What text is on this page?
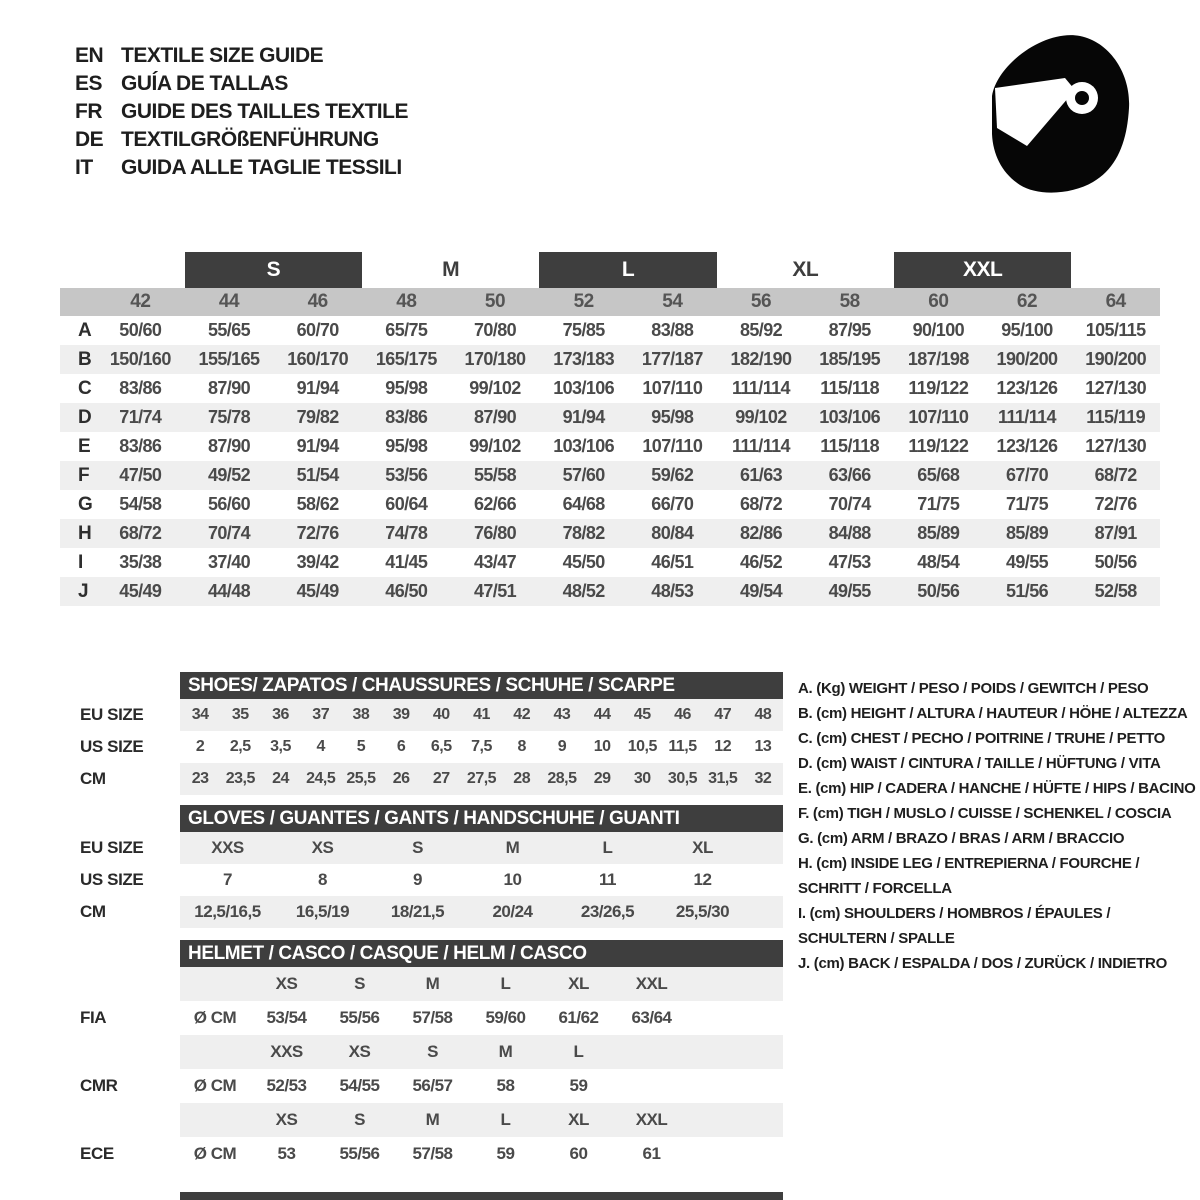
EN TEXTILE SIZE GUIDE
ES GUÍA DE TALLAS
FR GUIDE DES TAILLES TEXTILE
DE TEXTILGRÖßENFÜHRUNG
IT	GUIDA ALLE TAGLIE TESSILI
S	M	L	XL	XXL
42	44	46	48	50	52	54	56	58	60	62	64
A 50/60	55/65	60/70	65/75	70/80	75/85	83/88	85/92	87/95 90/100 95/100 105/115
B 150/160 155/165 160/170 165/175 170/180 173/183 177/187 182/190 185/195 187/198 190/200 190/200
C 83/86	87/90	91/94	95/98 99/102 103/106 107/110 111/114 115/118 119/122 123/126 127/130
D 71/74	75/78	79/82	83/86	87/90	91/94	95/98 99/102 103/106 107/110 111/114 115/119
E 83/86	87/90	91/94	95/98 99/102 103/106 107/110 111/114 115/118 119/122 123/126 127/130
F	47/50	49/52	51/54	53/56	55/58	57/60	59/62	61/63	63/66	65/68	67/70	68/72
G 54/58	56/60	58/62	60/64	62/66	64/68	66/70	68/72	70/74	71/75	71/75	72/76
H 68/72	70/74	72/76	74/78	76/80	78/82	80/84	82/86	84/88	85/89	85/89	87/91
I	35/38	37/40	39/42	41/45	43/47	45/50	46/51	46/52	47/53	48/54	49/55	50/56
J	45/49	44/48	45/49	46/50	47/51	48/52	48/53	49/54	49/55	50/56	51/56	52/58
SHOES/ ZAPATOS / CHAUSSURES / SCHUHE / SCARPE
EU SIZE	34 35 36 37 38 39 40 41 42 43 44 45 46 47 48
US SIZE	2 2,5 3,5 4 5 6 6,5 7,5 8 9 10 10,5 11,5 12 13
CM	23 23,5 24 24,5 25,5 26 27 27,5 28 28,5 29 30 30,5 31,5 32
GLOVES / GUANTES / GANTS / HANDSCHUHE / GUANTI
EU SIZE	XXS	XS	S	M	L	XL
US SIZE	7	8	9	10	11	12
CM	12,5/16,5 16,5/19 18/21,5	20/24	23/26,5 25,5/30
HELMET / CASCO / CASQUE / HELM / CASCO
XS	S	M	L	XL	XXL
FIA	Ø CM 53/54 55/56 57/58 59/60 61/62 63/64
XXS	XS	S	M	L
CMR	Ø CM 52/53 54/55 56/57	58	59
XS	S	M	L	XL	XXL
ECE	Ø CM 53	55/56 57/58	59	60	61
A. (Kg) WEIGHT / PESO / POIDS / GEWITCH / PESO
B. (cm) HEIGHT / ALTURA / HAUTEUR / HÖHE / ALTEZZA
C. (cm) CHEST / PECHO / POITRINE / TRUHE / PETTO
D. (cm) WAIST / CINTURA / TAILLE / HÜFTUNG / VITA
E. (cm) HIP / CADERA / HANCHE / HÜFTE / HIPS / BACINO
F. (cm) TIGH / MUSLO / CUISSE / SCHENKEL / COSCIA
G. (cm) ARM / BRAZO / BRAS / ARM / BRACCIO
H. (cm) INSIDE LEG / ENTREPIERNA / FOURCHE / SCHRITT / FORCELLA
I. (cm) SHOULDERS / HOMBROS / ÉPAULES / SCHULTERN / SPALLE
J. (cm) BACK / ESPALDA / DOS / ZURÜCK / INDIETRO
